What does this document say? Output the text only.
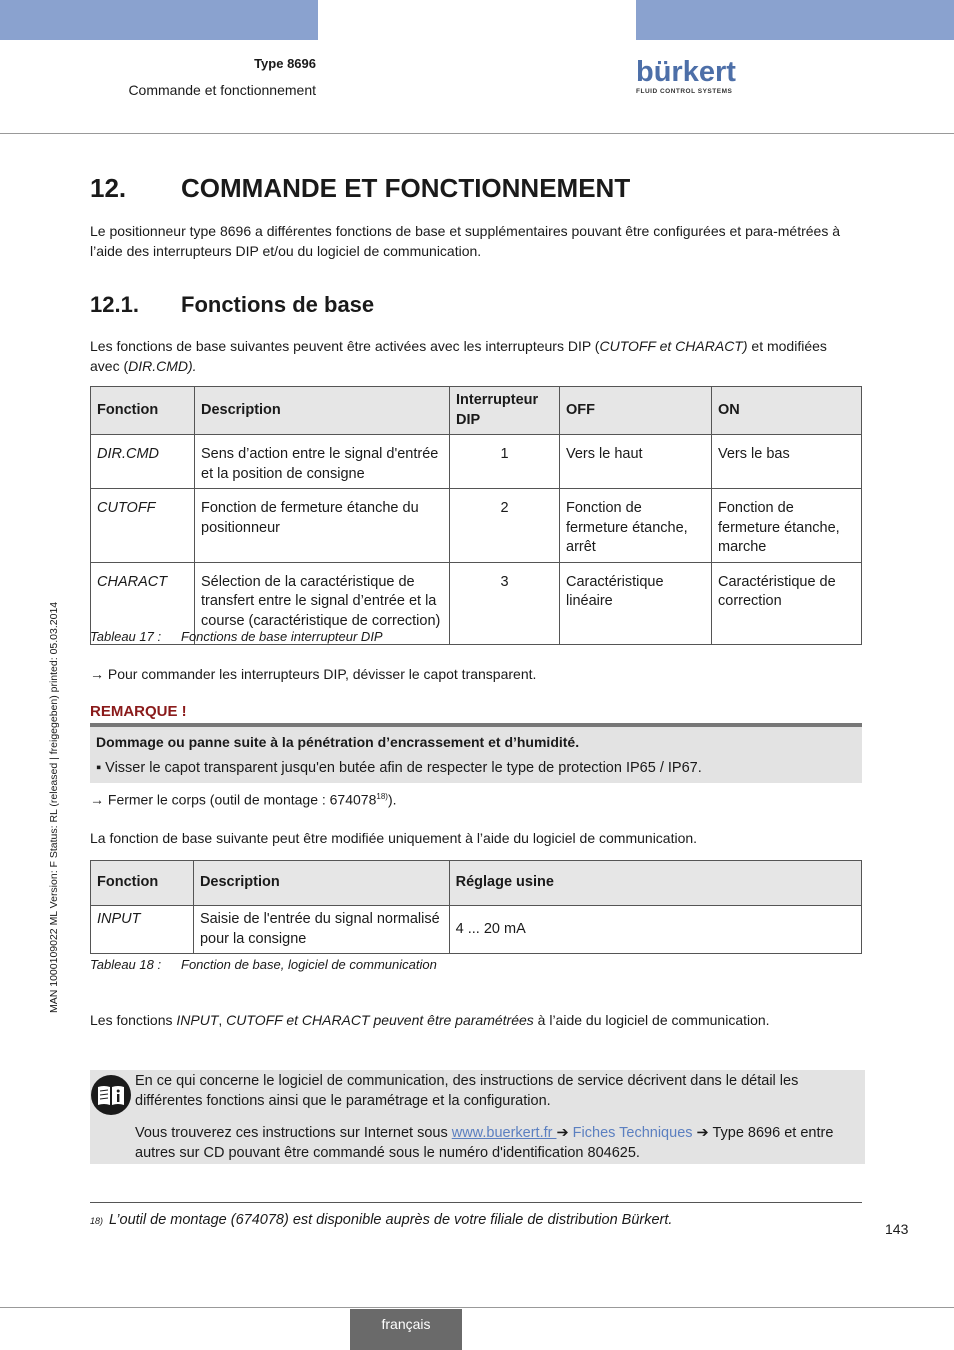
Type 8696
Commande et fonctionnement
bürkert
FLUID CONTROL SYSTEMS
12. COMMANDE ET FONCTIONNEMENT
Le positionneur type 8696 a différentes fonctions de base et supplémentaires pouvant être configurées et para-métrées à l’aide des interrupteurs DIP et/ou du logiciel de communication.
12.1. Fonctions de base
Les fonctions de base suivantes peuvent être activées avec les interrupteurs DIP (CUTOFF et CHARACT) et modifiées avec (DIR.CMD).
Fonction	Description	Interrupteur DIP	OFF	ON
DIR.CMD	Sens d’action entre le signal d'entrée et la position de consigne	1	Vers le haut	Vers le bas
CUTOFF	Fonction de fermeture étanche du positionneur	2	Fonction de fermeture étanche, arrêt	Fonction de fermeture étanche, marche
CHARACT	Sélection de la caractéristique de transfert entre le signal d’entrée et la course (caractéristique de correction)	3	Caractéristique linéaire	Caractéristique de correction
Tableau 17 : Fonctions de base interrupteur DIP
→ Pour commander les interrupteurs DIP, dévisser le capot transparent.
REMARQUE !
Dommage ou panne suite à la pénétration d’encrassement et d’humidité.
▪ Visser le capot transparent jusqu'en butée afin de respecter le type de protection IP65 / IP67.
→ Fermer le corps (outil de montage : 674078$^{18)}$).
La fonction de base suivante peut être modifiée uniquement à l’aide du logiciel de communication.
Fonction	Description	Réglage usine
INPUT	Saisie de l'entrée du signal normalisé pour la consigne	4 ... 20 mA
Tableau 18 : Fonction de base, logiciel de communication
Les fonctions INPUT, CUTOFF et CHARACT peuvent être paramétrées à l’aide du logiciel de communication.
En ce qui concerne le logiciel de communication, des instructions de service décrivent dans le détail les différentes fonctions ainsi que le paramétrage et la configuration.
Vous trouverez ces instructions sur Internet sous www.buerkert.fr ➔ Fiches Techniques ➔ Type 8696 et entre autres sur CD pouvant être commandé sous le numéro d'identification 804625.
18) L’outil de montage (674078) est disponible auprès de votre filiale de distribution Bürkert.
143
MAN 1000109022 ML Version: F Status: RL (released | freigegeben) printed: 05.03.2014
français
